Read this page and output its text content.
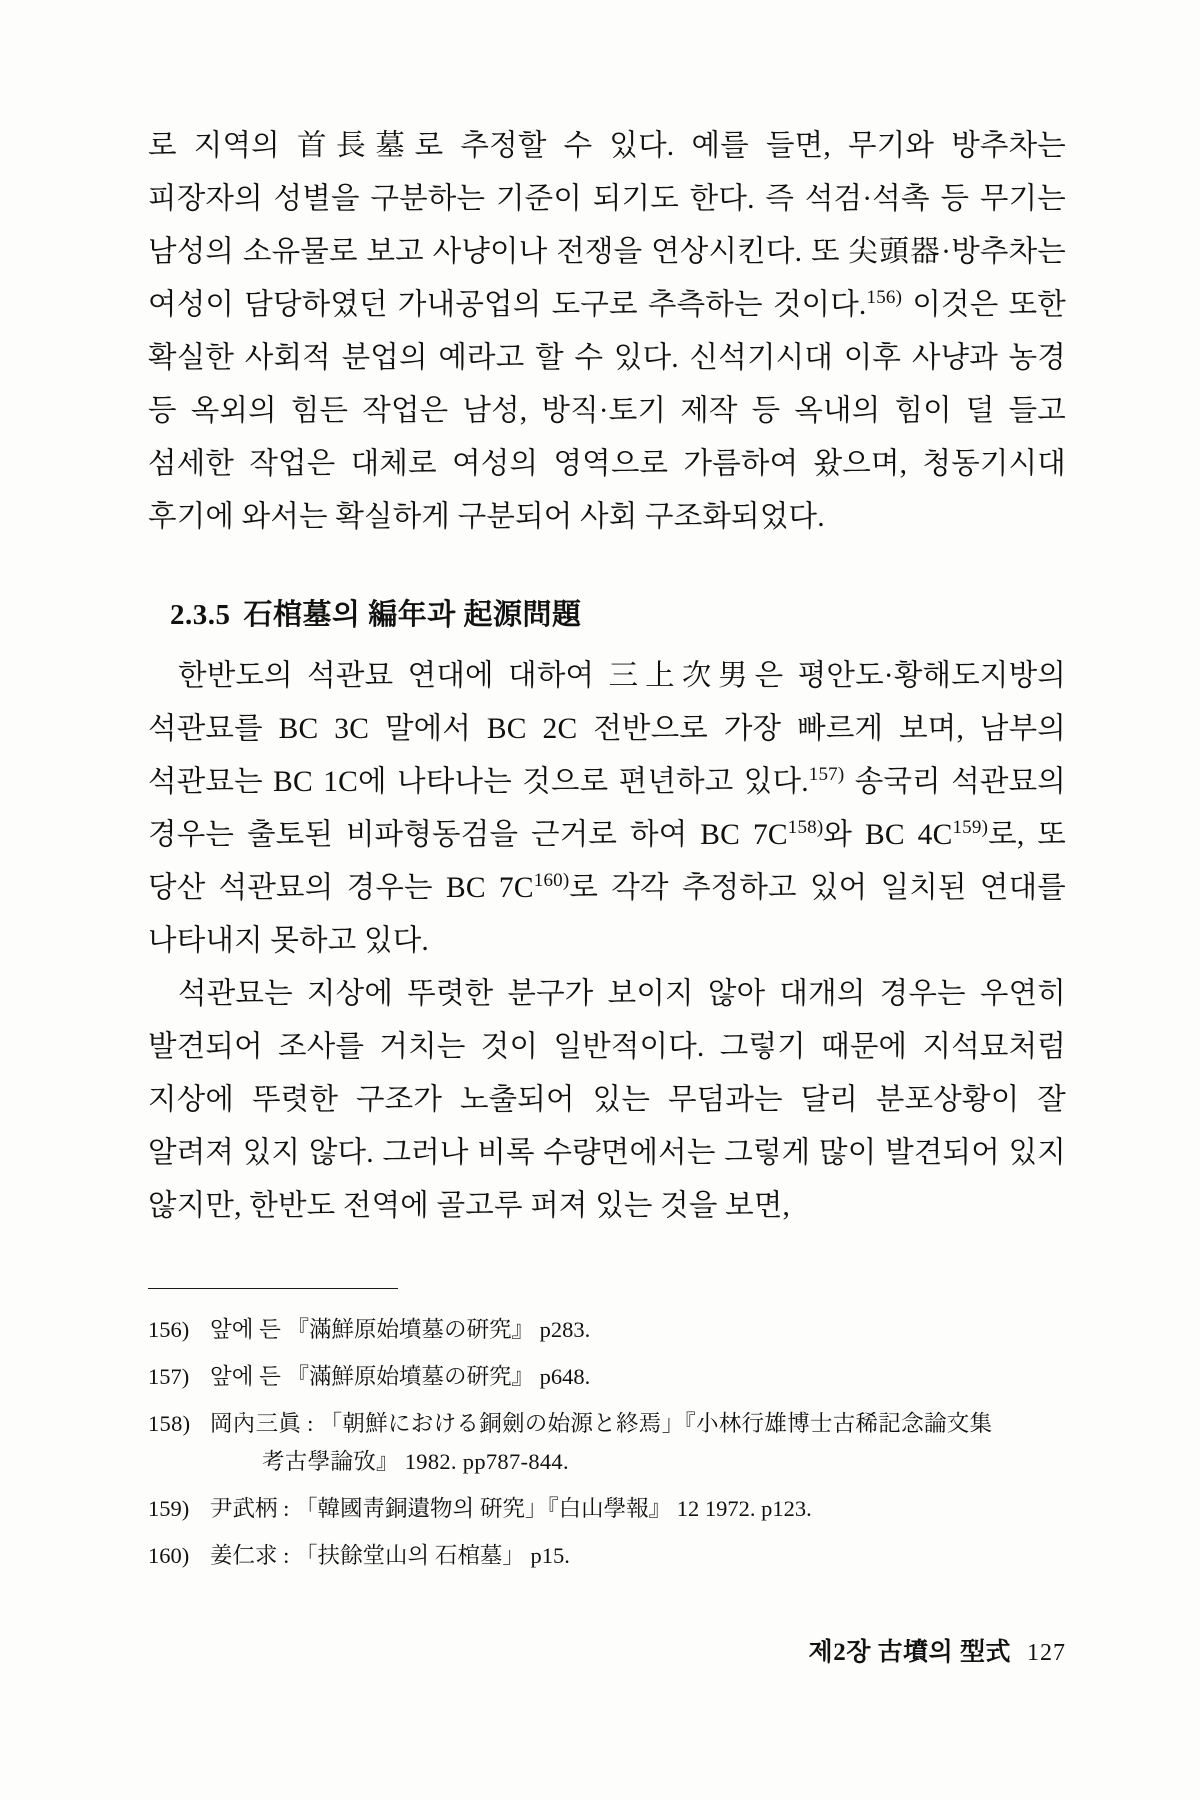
로 지역의 首長墓로 추정할 수 있다. 예를 들면, 무기와 방추차는 피장자의 성별을 구분하는 기준이 되기도 한다. 즉 석검·석촉 등 무기는 남성의 소유물로 보고 사냥이나 전쟁을 연상시킨다. 또 尖頭器·방추차는 여성이 담당하였던 가내공업의 도구로 추측하는 것이다.$^{156)}$ 이것은 또한 확실한 사회적 분업의 예라고 할 수 있다. 신석기시대 이후 사냥과 농경 등 옥외의 힘든 작업은 남성, 방직·토기 제작 등 옥내의 힘이 덜 들고 섬세한 작업은 대체로 여성의 영역으로 가름하여 왔으며, 청동기시대 후기에 와서는 확실하게 구분되어 사회 구조화되었다.

2.3.5 石棺墓의 編年과 起源問題

한반도의 석관묘 연대에 대하여 三上次男은 평안도·황해도지방의 석관묘를 BC 3C 말에서 BC 2C 전반으로 가장 빠르게 보며, 남부의 석관묘는 BC 1C에 나타나는 것으로 편년하고 있다.$^{157)}$ 송국리 석관묘의 경우는 출토된 비파형동검을 근거로 하여 BC $7C^{158)}$와 BC $4C^{159)}$로, 또 당산 석관묘의 경우는 BC $7C^{160)}$로 각각 추정하고 있어 일치된 연대를 나타내지 못하고 있다.

석관묘는 지상에 뚜렷한 분구가 보이지 않아 대개의 경우는 우연히 발견되어 조사를 거치는 것이 일반적이다. 그렇기 때문에 지석묘처럼 지상에 뚜렷한 구조가 노출되어 있는 무덤과는 달리 분포상황이 잘 알려져 있지 않다. 그러나 비록 수량면에서는 그렇게 많이 발견되어 있지 않지만, 한반도 전역에 골고루 퍼져 있는 것을 보면,

156) 앞에 든 『滿鮮原始墳墓の硏究』 p283.
157) 앞에 든 『滿鮮原始墳墓の硏究』 p648.
158) 岡內三眞 : 「朝鮮における銅劍の始源と終焉」『小林行雄博士古稀記念論文集
考古學論攷』 1982. pp787-844.
159) 尹武柄 : 「韓國靑銅遺物의 硏究」『白山學報』 12 1972. p123.
160) 姜仁求 : 「扶餘堂山의 石棺墓」 p15.
제2장 古墳의 型式 127
